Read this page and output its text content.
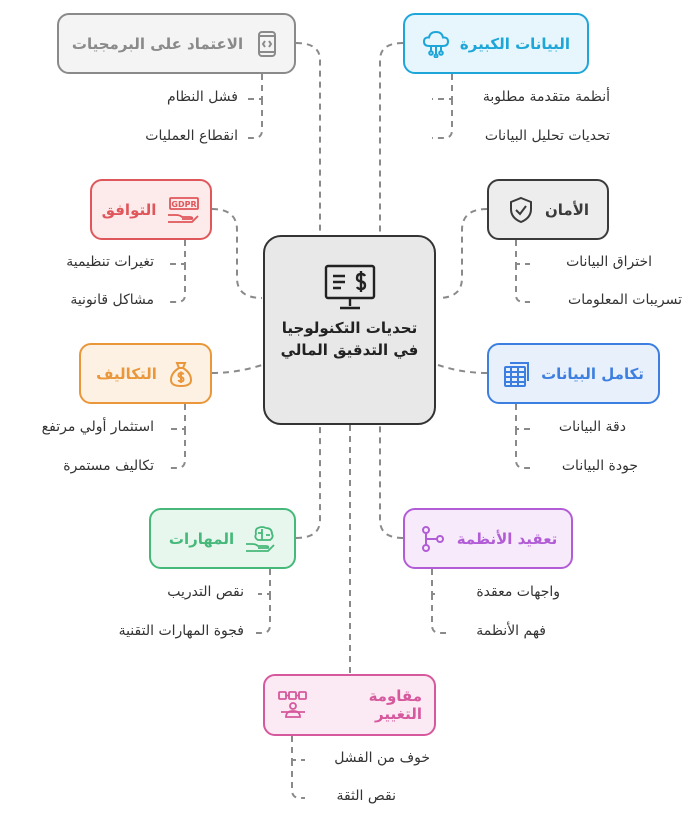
تحديات التكنولوجيا في التدقيق المالي
البيانات الكبيرة
أنظمة متقدمة مطلوبة
تحديات تحليل البيانات
الاعتماد على البرمجيات
فشل النظام
انقطاع العمليات
الأمان
اختراق البيانات
تسريبات المعلومات
GDPR
التوافق
تغيرات تنظيمية
مشاكل قانونية
تكامل البيانات
دقة البيانات
جودة البيانات
التكاليف
استثمار أولي مرتفع
تكاليف مستمرة
تعقيد الأنظمة
واجهات معقدة
فهم الأنظمة
المهارات
نقص التدريب
فجوة المهارات التقنية
مقاومة التغيير
خوف من الفشل
نقص الثقة
